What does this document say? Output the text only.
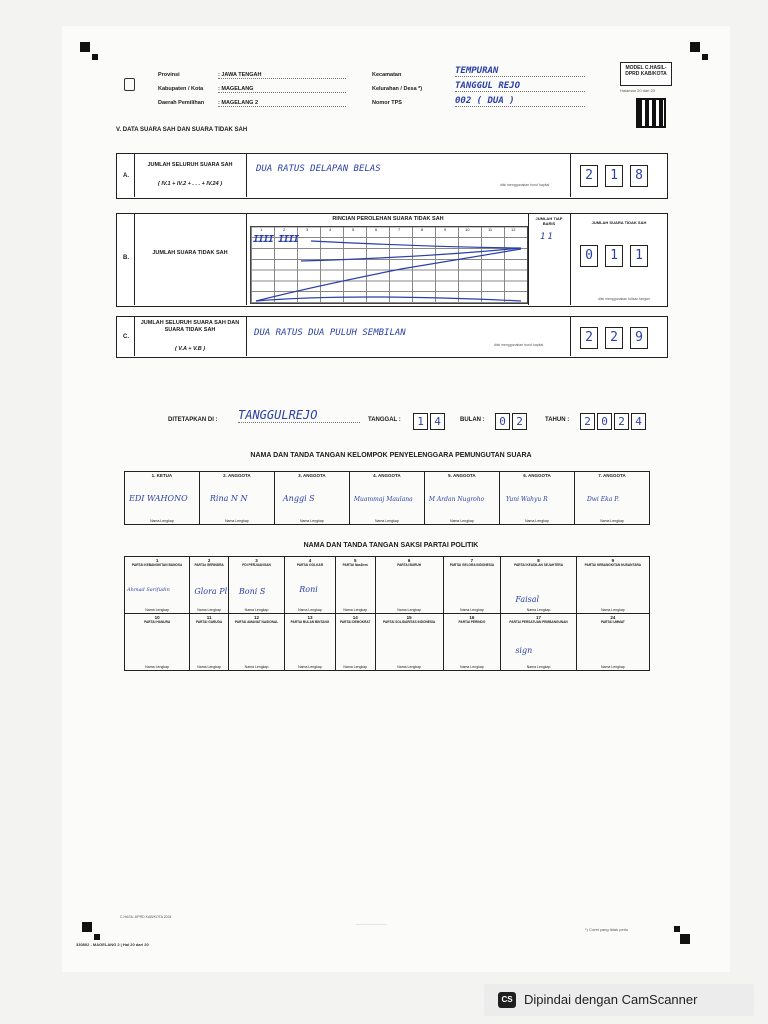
Provinsi	: JAWA TENGAH
Kabupaten / Kota	: MAGELANG
Daerah Pemilihan	: MAGELANG 2
Kecamatan	TEMPURAN
Kelurahan / Desa *)	TANGGUL REJO
Nomor TPS	002 ( DUA )
MODEL C.HASIL-DPRD KAB/KOTA
Halaman 20 dari 20
V. DATA SUARA SAH DAN SUARA TIDAK SAH
A.
JUMLAH SELURUH SUARA SAH
( IV.1 + IV.2 + . . . + IV.24 )
DUA RATUS DELAPAN BELAS
diisi menggunakan huruf kapital
2	1	8
B.
JUMLAH SUARA TIDAK SAH
RINCIAN PEROLEHAN SUARA TIDAK SAH	JUMLAH TIAP BARIS	JUMLAH SUARA TIDAK SAH
1	2	3	4	5	6	7	8	9	10	11	12
IIII IIII	11
0	1	1
diisi menggunakan tulisan tangan
C.
JUMLAH SELURUH SUARA SAH DAN SUARA TIDAK SAH
( V.A + V.B )
DUA RATUS DUA PULUH SEMBILAN
diisi menggunakan huruf kapital	2	2	9
DITETAPKAN DI : TANGGULREJO	TANGGAL :	1 4	BULAN :	0 2	TAHUN :	2 0 2 4
NAMA DAN TANDA TANGAN KELOMPOK PENYELENGGARA PEMUNGUTAN SUARA
1. KETUA
EDI WAHONO
Nama Lengkap

2. ANGGOTA
Rina N N
Nama Lengkap

3. ANGGOTA
Anggi S
Nama Lengkap

4. ANGGOTA
Muammaj Maulana
Nama Lengkap

5. ANGGOTA
M Ardan Nugroho
Nama Lengkap

6. ANGGOTA
Yuni Wahyu R
Nama Lengkap

7. ANGGOTA
Dwi Eka P.
Nama Lengkap
NAMA DAN TANDA TANGAN SAKSI PARTAI POLITIK
1
PARTAI KEBANGKITAN BANGSA
Ahmad Sarifudin
Nama Lengkap	2
PARTAI GERINDRA
Glora Pl
Nama Lengkap	3
PDI PERJUANGAN
Boni S
Nama Lengkap	4
PARTAI GOLKAR
Roni
Nama Lengkap	5
PARTAI NasDem
Nama Lengkap	6
PARTAI BURUH
Nama Lengkap	7
PARTAI GELORA INDONESIA
Nama Lengkap	8
PARTAI KEADILAN SEJAHTERA
Faisal
Nama Lengkap	9
PARTAI KEBANGKITAN NUSANTARA
Nama Lengkap

10
PARTAI HANURA
Nama Lengkap	11
PARTAI GARUDA
Nama Lengkap	12
PARTAI AMANAT NASIONAL
Nama Lengkap	13
PARTAI BULAN BINTANG
Nama Lengkap	14
PARTAI DEMOKRAT
Nama Lengkap	15
PARTAI SOLIDARITAS INDONESIA
Nama Lengkap	16
PARTAI PERINDO
Nama Lengkap	17
PARTAI PERSATUAN PEMBANGUNAN
sign
Nama Lengkap	24
PARTAI UMMAT
Nama Lengkap
C.HASIL-DPRD KAB/KOTA 2024
................................
*) Coret yang tidak perlu
330802 - MAGELANG 2 | Hal 20 dari 20
CS Dipindai dengan CamScanner
